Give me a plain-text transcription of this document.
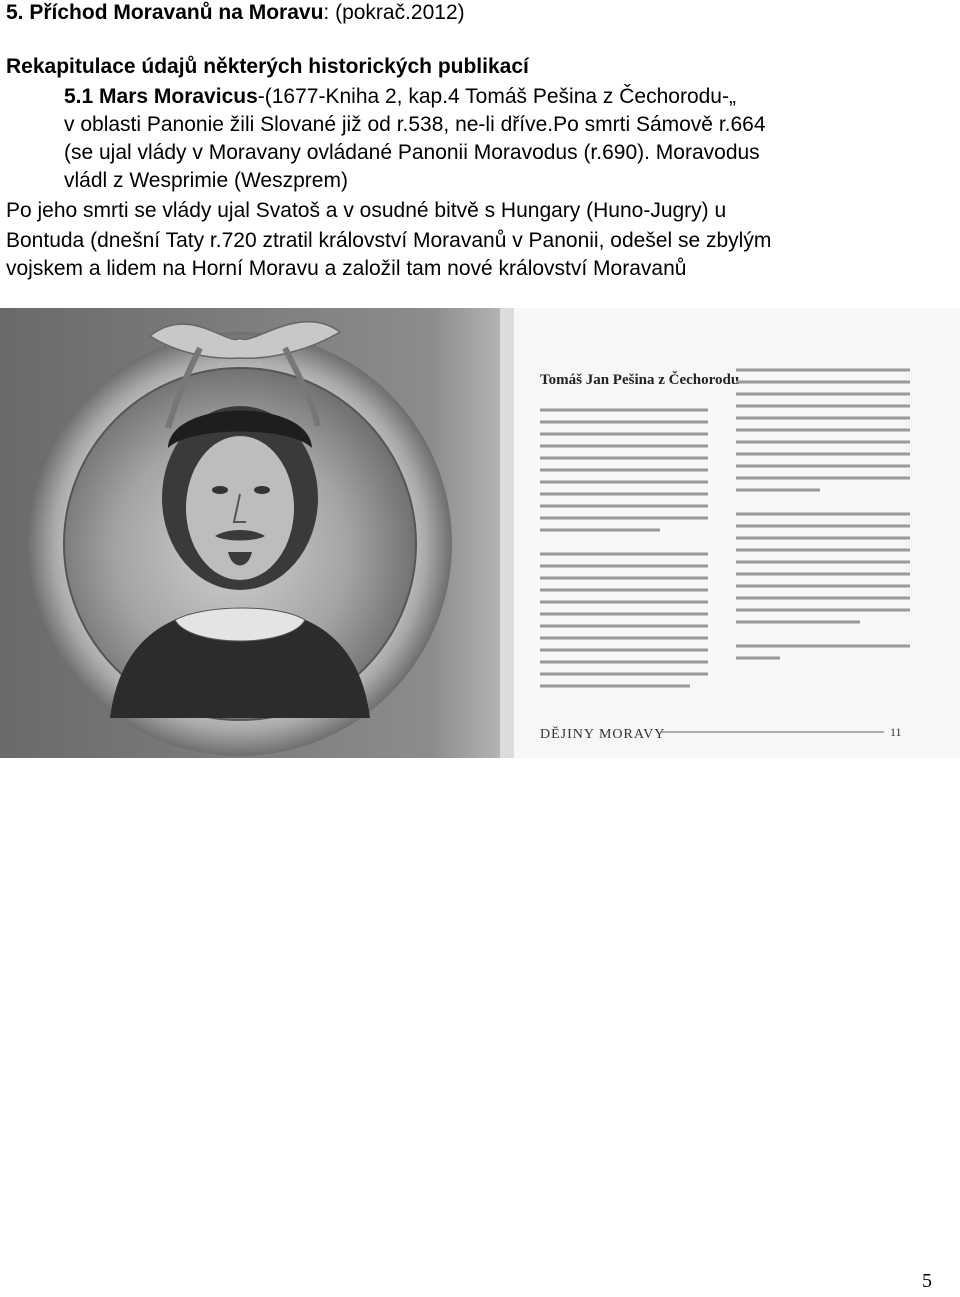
5. Příchod Moravanů na Moravu: (pokrač.2012)
Rekapitulace údajů některých historických publikací
5.1 Mars Moravicus-(1677-Kniha 2, kap.4 Tomáš Pešina z Čechorodu-„
v oblasti Panonie žili Slované již od r.538, ne-li dříve.Po smrti Sámově r.664
(se ujal vlády v Moravany ovládané Panonii Moravodus (r.690). Moravodus
vládl z Wesprimie (Weszprem)
Po jeho smrti se vlády ujal Svatoš a v osudné bitvě s Hungary (Huno-Jugry) u
Bontuda (dnešní Taty r.720 ztratil království Moravanů v Panonii, odešel se zbylým
vojskem a lidem na Horní Moravu a založil tam nové království Moravanů
Tomáš Jan Pešina z Čechorodu
DĚJINY MORAVY	11
5
